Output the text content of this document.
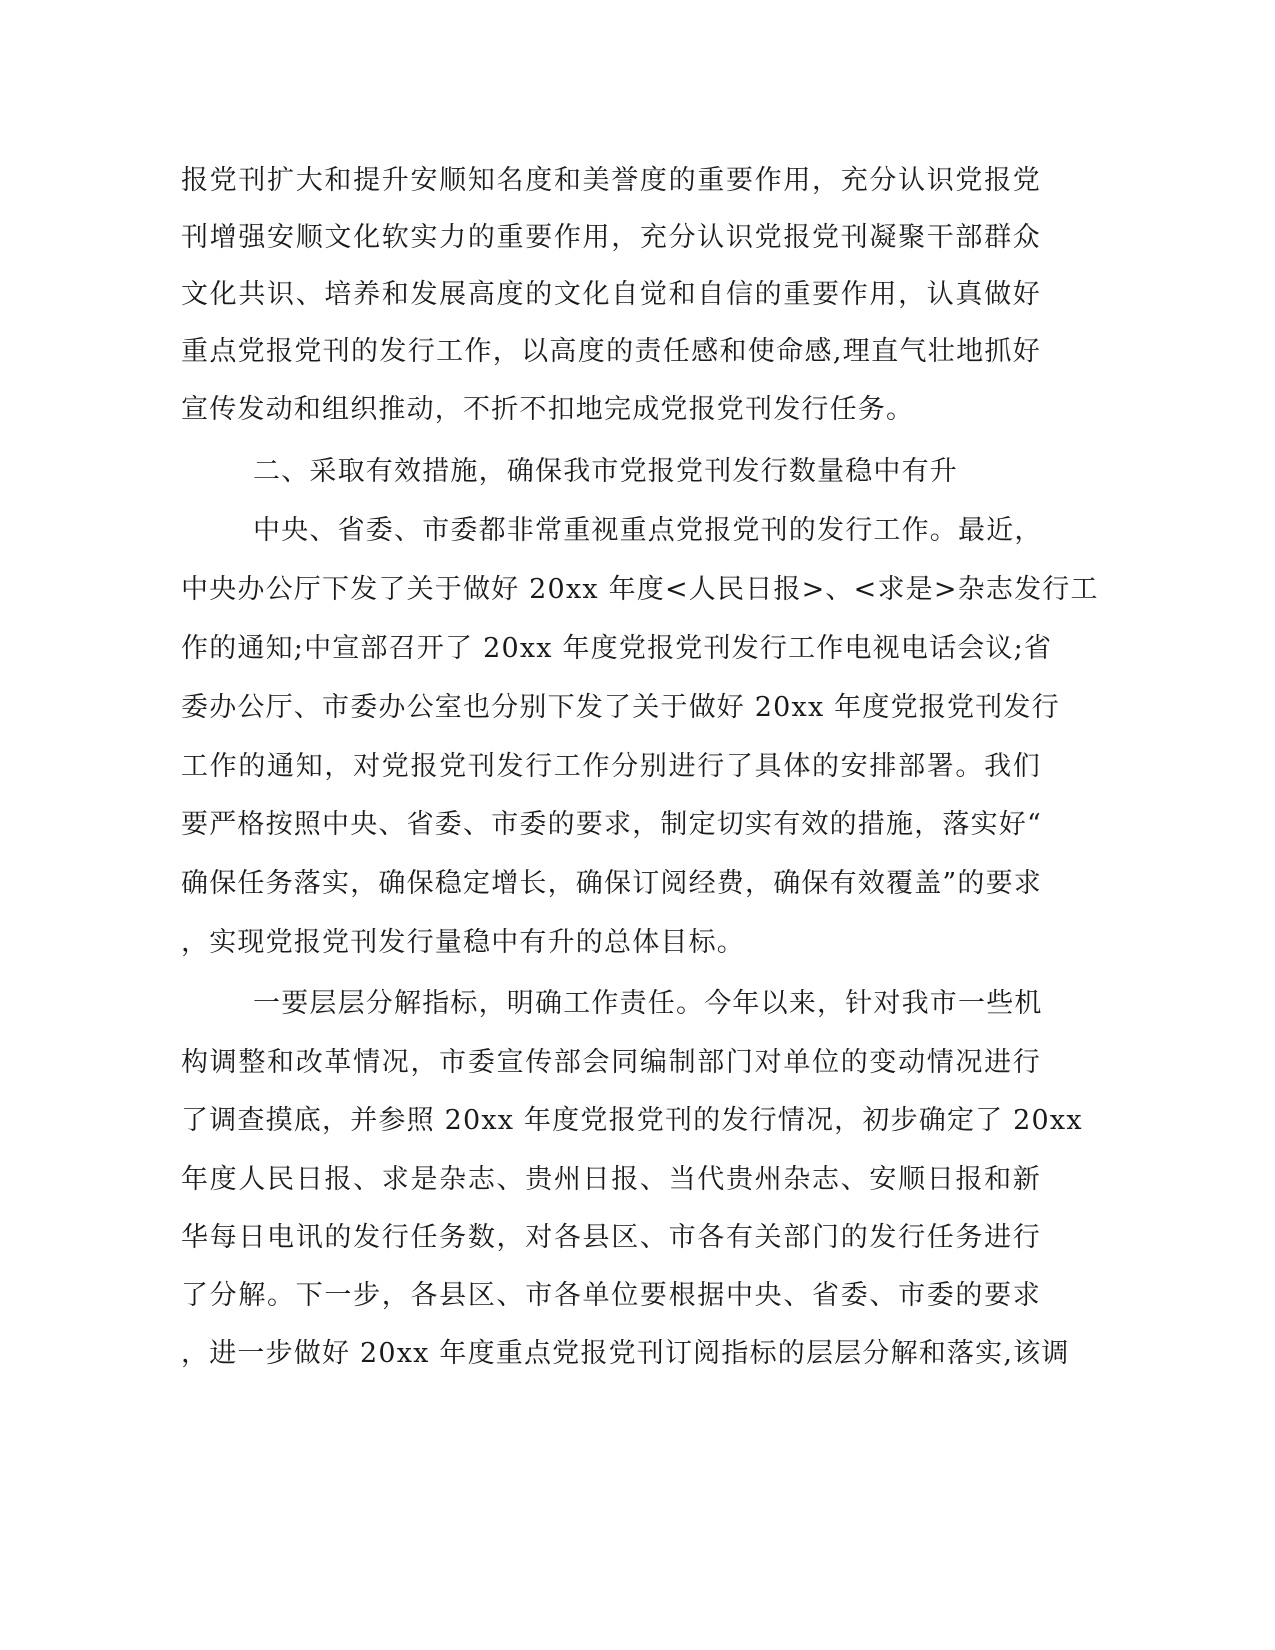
报党刊扩大和提升安顺知名度和美誉度的重要作用，充分认识党报党
刊增强安顺文化软实力的重要作用，充分认识党报党刊凝聚干部群众
文化共识、培养和发展高度的文化自觉和自信的重要作用，认真做好
重点党报党刊的发行工作，以高度的责任感和使命感,理直气壮地抓好
宣传发动和组织推动，不折不扣地完成党报党刊发行任务。
二、采取有效措施，确保我市党报党刊发行数量稳中有升
中央、省委、市委都非常重视重点党报党刊的发行工作。最近，
中央办公厅下发了关于做好 20xx 年度<人民日报>、<求是>杂志发行工
作的通知;中宣部召开了 20xx 年度党报党刊发行工作电视电话会议;省
委办公厅、市委办公室也分别下发了关于做好 20xx 年度党报党刊发行
工作的通知，对党报党刊发行工作分别进行了具体的安排部署。我们
要严格按照中央、省委、市委的要求，制定切实有效的措施，落实好“
确保任务落实，确保稳定增长，确保订阅经费，确保有效覆盖”的要求
，实现党报党刊发行量稳中有升的总体目标。
一要层层分解指标，明确工作责任。今年以来，针对我市一些机
构调整和改革情况，市委宣传部会同编制部门对单位的变动情况进行
了调查摸底，并参照 20xx 年度党报党刊的发行情况，初步确定了 20xx
年度人民日报、求是杂志、贵州日报、当代贵州杂志、安顺日报和新
华每日电讯的发行任务数，对各县区、市各有关部门的发行任务进行
了分解。下一步，各县区、市各单位要根据中央、省委、市委的要求
，进一步做好 20xx 年度重点党报党刊订阅指标的层层分解和落实,该调
